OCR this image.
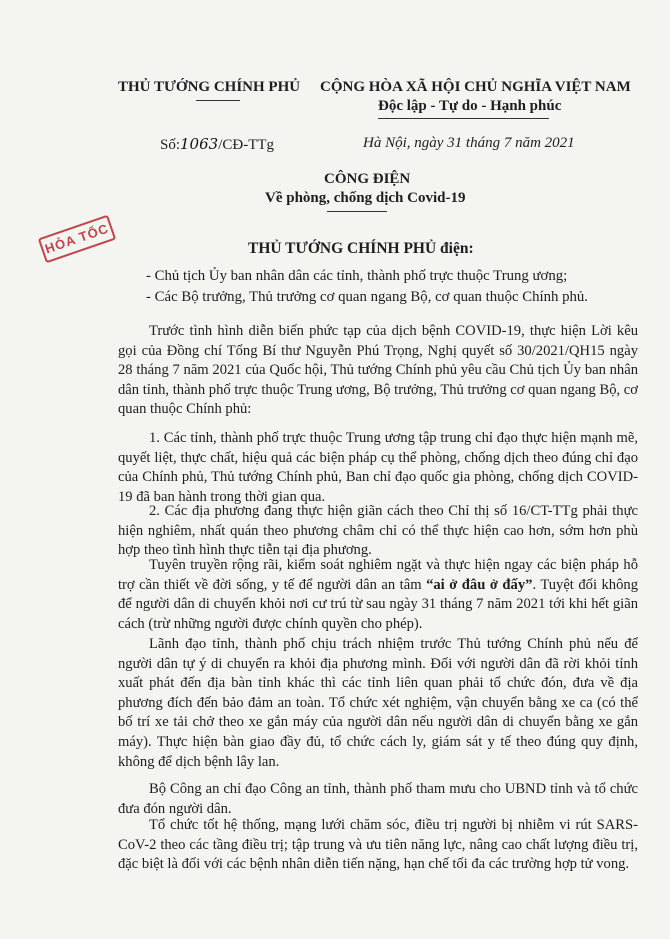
THỦ TƯỚNG CHÍNH PHỦ CỘNG HÒA XÃ HỘI CHỦ NGHĨA VIỆT NAM
Độc lập - Tự do - Hạnh phúc
Số:1063/CĐ-TTg	Hà Nội, ngày 31 tháng 7 năm 2021
CÔNG ĐIỆN
Về phòng, chống dịch Covid-19
HỎA TỐC	THỦ TƯỚNG CHÍNH PHỦ điện:
- Chủ tịch Ủy ban nhân dân các tỉnh, thành phố trực thuộc Trung ương;
- Các Bộ trưởng, Thủ trưởng cơ quan ngang Bộ, cơ quan thuộc Chính phủ.

Trước tình hình diễn biến phức tạp của dịch bệnh COVID-19, thực hiện Lời kêu gọi của Đồng chí Tổng Bí thư Nguyễn Phú Trọng, Nghị quyết số 30/2021/QH15 ngày 28 tháng 7 năm 2021 của Quốc hội, Thủ tướng Chính phủ yêu cầu Chủ tịch Ủy ban nhân dân tỉnh, thành phố trực thuộc Trung ương, Bộ trưởng, Thủ trưởng cơ quan ngang Bộ, cơ quan thuộc Chính phủ:

1. Các tỉnh, thành phố trực thuộc Trung ương tập trung chỉ đạo thực hiện mạnh mẽ, quyết liệt, thực chất, hiệu quả các biện pháp cụ thể phòng, chống dịch theo đúng chỉ đạo của Chính phủ, Thủ tướng Chính phủ, Ban chỉ đạo quốc gia phòng, chống dịch COVID-19 đã ban hành trong thời gian qua.

2. Các địa phương đang thực hiện giãn cách theo Chỉ thị số 16/CT-TTg phải thực hiện nghiêm, nhất quán theo phương châm chỉ có thể thực hiện cao hơn, sớm hơn phù hợp theo tình hình thực tiễn tại địa phương.

Tuyên truyền rộng rãi, kiểm soát nghiêm ngặt và thực hiện ngay các biện pháp hỗ trợ cần thiết về đời sống, y tế để người dân an tâm “ai ở đâu ở đấy”. Tuyệt đối không để người dân di chuyển khỏi nơi cư trú từ sau ngày 31 tháng 7 năm 2021 tới khi hết giãn cách (trừ những người được chính quyền cho phép).

Lãnh đạo tỉnh, thành phố chịu trách nhiệm trước Thủ tướng Chính phủ nếu để người dân tự ý di chuyển ra khỏi địa phương mình. Đối với người dân đã rời khỏi tỉnh xuất phát đến địa bàn tỉnh khác thì các tỉnh liên quan phải tổ chức đón, đưa về địa phương đích đến bảo đảm an toàn. Tổ chức xét nghiệm, vận chuyển bằng xe ca (có thể bố trí xe tải chở theo xe gắn máy của người dân nếu người dân di chuyển bằng xe gắn máy). Thực hiện bàn giao đầy đủ, tổ chức cách ly, giám sát y tế theo đúng quy định, không để dịch bệnh lây lan.

Bộ Công an chỉ đạo Công an tỉnh, thành phố tham mưu cho UBND tỉnh và tổ chức đưa đón người dân.

Tổ chức tốt hệ thống, mạng lưới chăm sóc, điều trị người bị nhiễm vi rút SARS-CoV-2 theo các tầng điều trị; tập trung và ưu tiên năng lực, nâng cao chất lượng điều trị, đặc biệt là đối với các bệnh nhân diễn tiến nặng, hạn chế tối đa các trường hợp tử vong.
